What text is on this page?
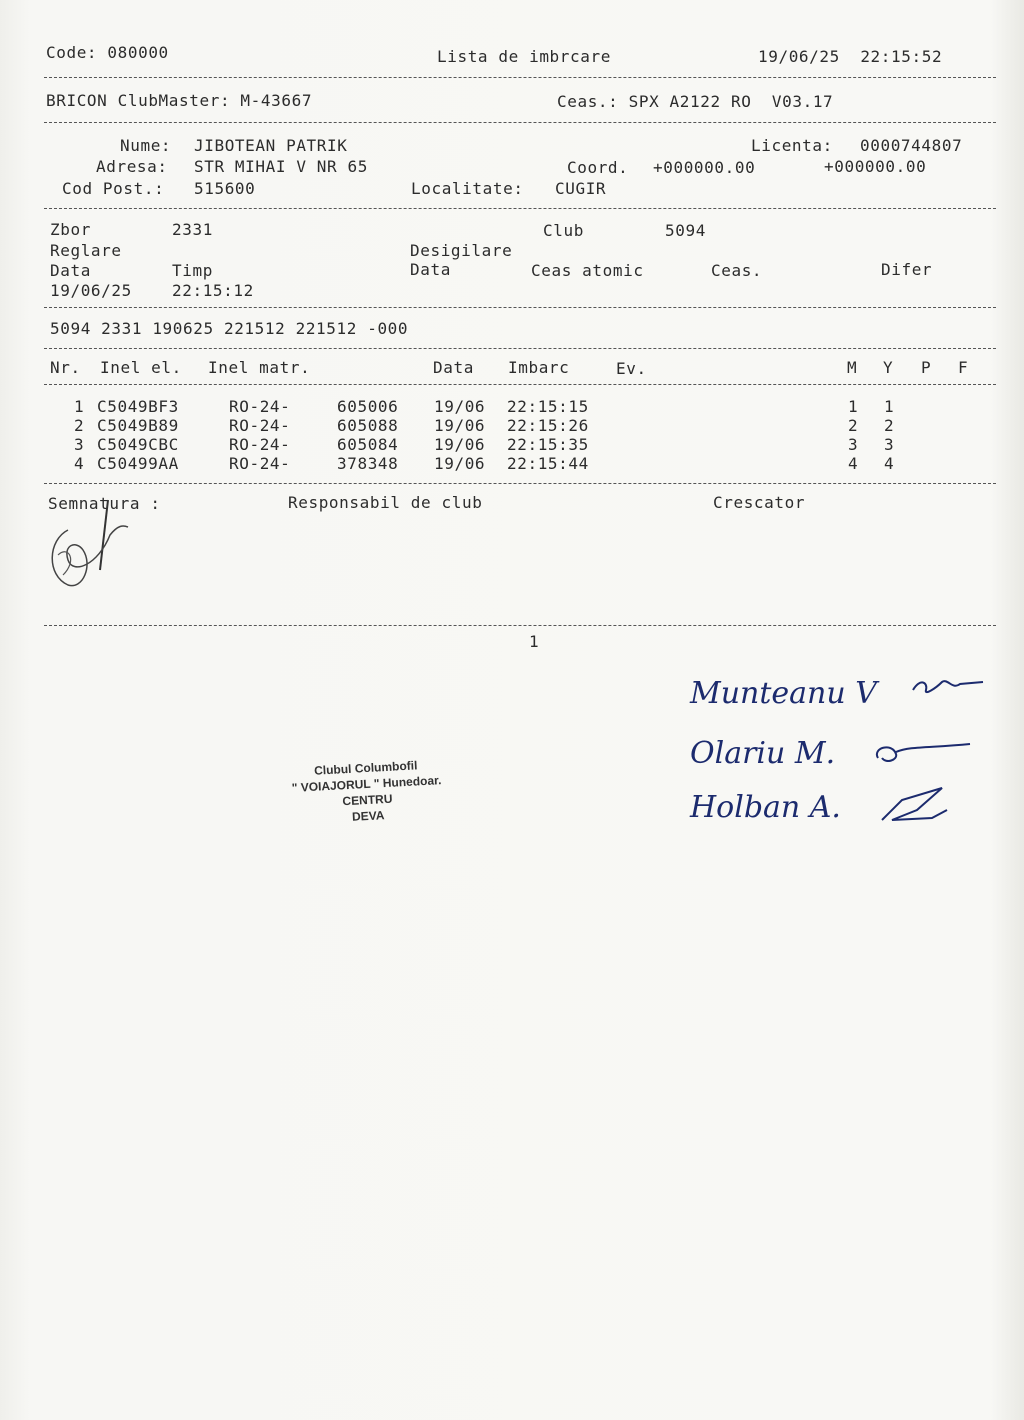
Code: 080000	Lista de imbrcare	19/06/25  22:15:52
BRICON ClubMaster: M-43667	Ceas.: SPX A2122 RO  V03.17
Nume: JIBOTEAN PATRIK	Licenta: 0000744807
Adresa: STR MIHAI V NR 65	Coord. +000000.00	+000000.00
Cod Post.: 515600	Localitate: CUGIR
Zbor	2331	Club	5094
Reglare	Desigilare
Data	Timp	Data	Ceas atomic	Ceas.	Difer
19/06/25	22:15:12
5094 2331 190625 221512 221512 -000
Nr. Inel el. Inel matr.	Data Imbarc	Ev.	M Y P F
1 C5049BF3	RO-24-	605006 19/06 22:15:15	1 1
2 C5049B89	RO-24-	605088 19/06 22:15:26	2 2
3 C5049CBC	RO-24-	605084 19/06 22:15:35	3 3
4 C50499AA	RO-24-	378348 19/06 22:15:44	4 4
Semnatura :	Responsabil de club	Crescator
1
Clubul Columbofil
" VOIAJORUL " Hunedoar.
CENTRU
DEVA
Munteanu V
Olariu M.
Holban A.
